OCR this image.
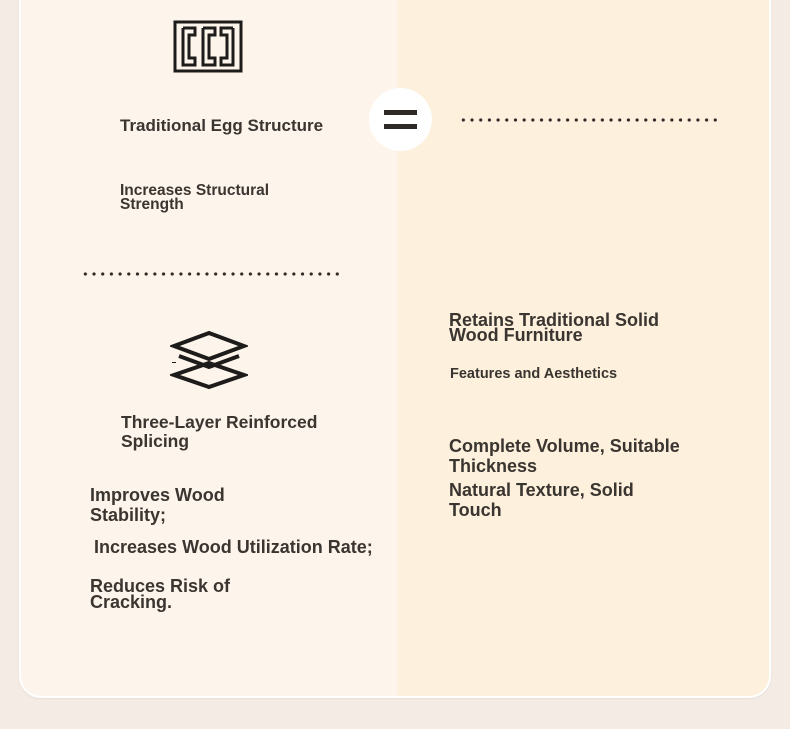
Traditional Egg Structure
Increases Structural
Strength
Three-Layer Reinforced
Splicing
Improves Wood
Stability;
Increases Wood Utilization Rate;
Reduces Risk of
Cracking.
Retains Traditional Solid
Wood Furniture
Features and Aesthetics
Complete Volume, Suitable
Thickness
Natural Texture, Solid
Touch
